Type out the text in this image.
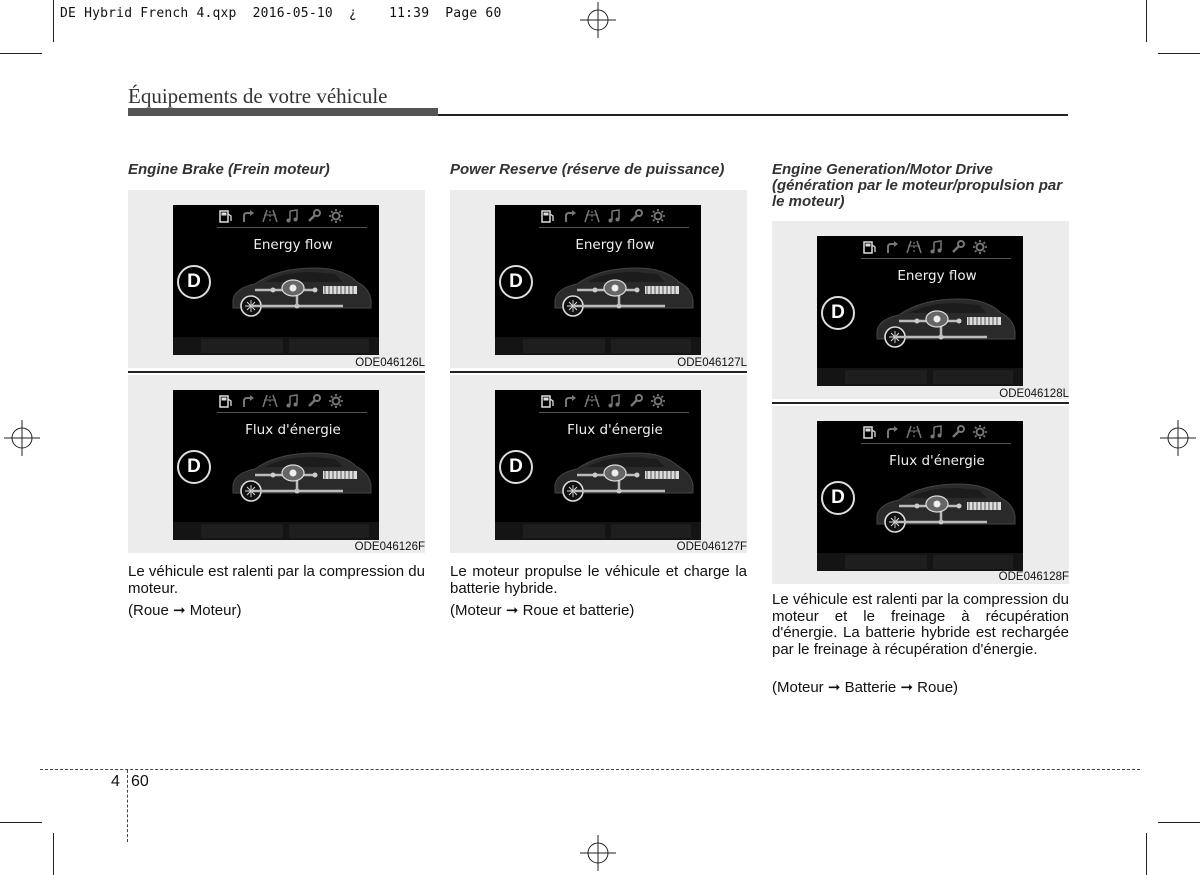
DE Hybrid French 4.qxp  2016-05-10  ¿    11:39  Page 60
Équipements de votre véhicule

Engine Brake (Frein moteur)

Energy flow
D
ODE046126L
Flux d'énergie
D
ODE046126F
Le véhicule est ralenti par la compression du moteur.
(Roue ➞ Moteur)

Power Reserve (réserve de puissance)

Energy flow
D
ODE046127L
Flux d'énergie
D
ODE046127F
Le moteur propulse le véhicule et charge la batterie hybride.
(Moteur ➞ Roue et batterie)

Engine Generation/Motor Drive (génération par le moteur/propulsion par le moteur)

Energy flow
D
ODE046128L
Flux d'énergie
D
ODE046128F
Le véhicule est ralenti par la compression du moteur et le freinage à récupération d'énergie. La batterie hybride est rechargée par le freinage à récupération d'énergie.
(Moteur ➞ Batterie ➞ Roue)
4 60
